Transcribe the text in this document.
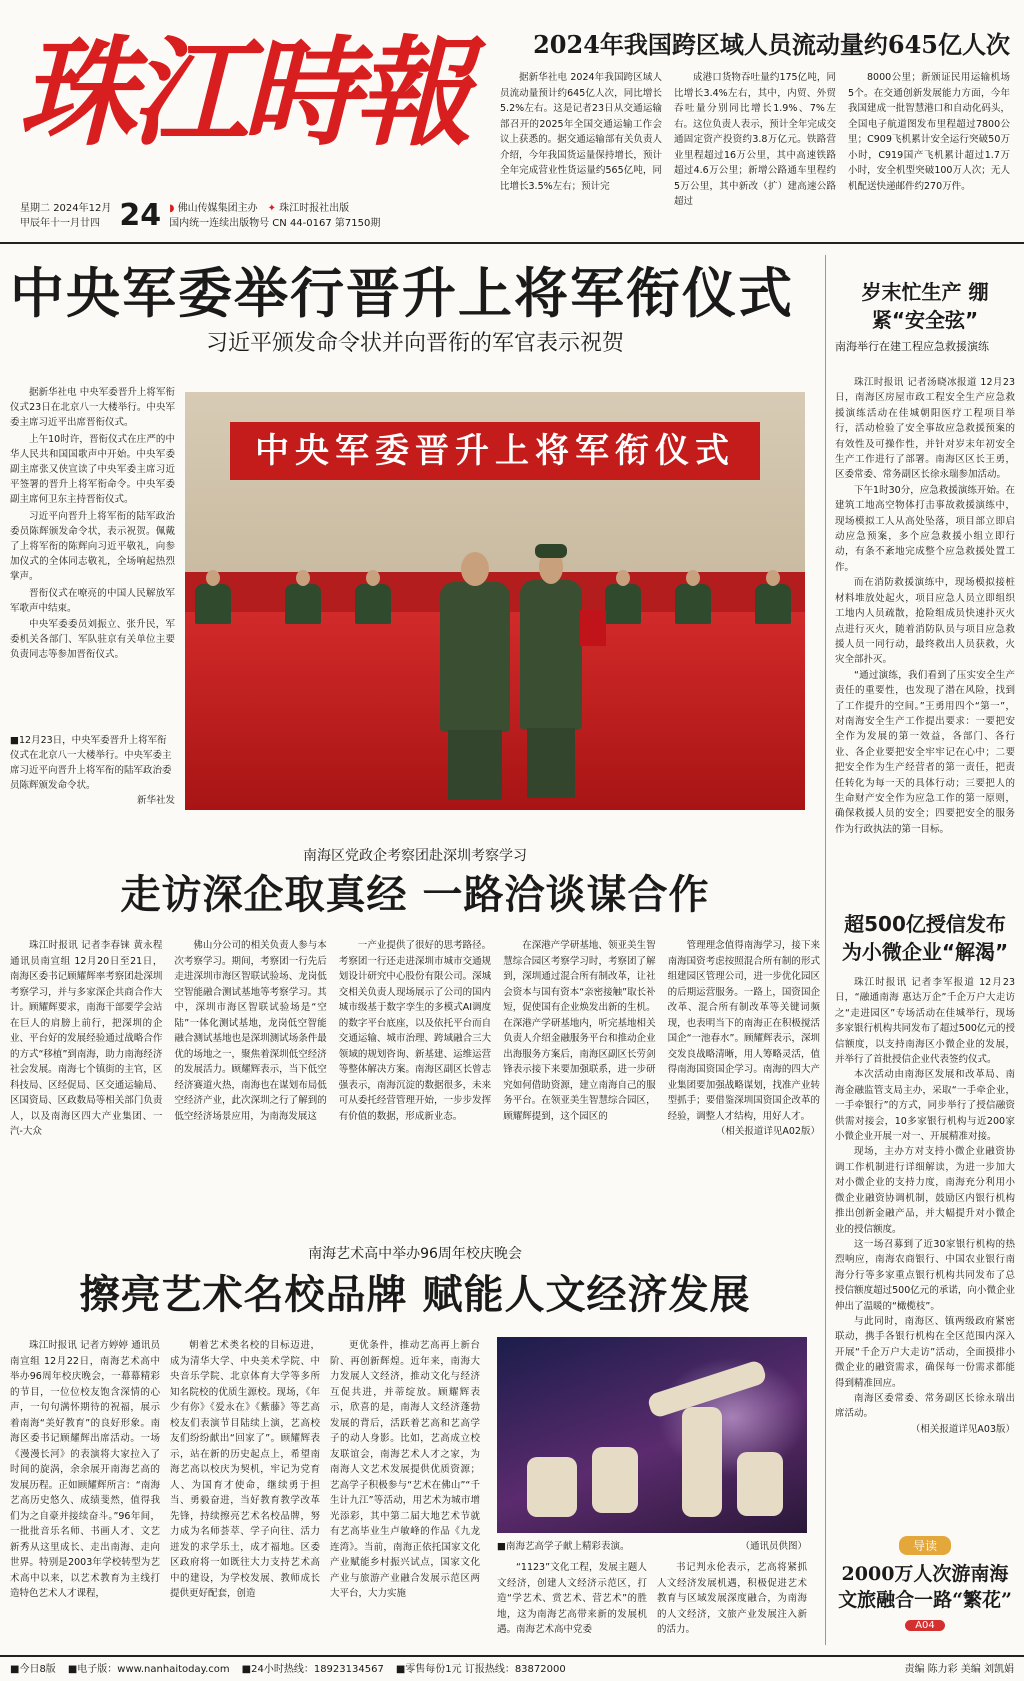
珠江時報
星期二 2024年12月
甲辰年十一月廿四 24 ◗ 佛山传媒集团主办 ✦ 珠江时报社出版
国内统一连续出版物号 CN 44-0167 第7150期
2024年我国跨区域人员流动量约645亿人次

据新华社电 2024年我国跨区域人员流动量预计约645亿人次，同比增长5.2%左右。这是记者23日从交通运输部召开的2025年全国交通运输工作会议上获悉的。据交通运输部有关负责人介绍，今年我国货运量保持增长，预计全年完成营业性货运量约565亿吨，同比增长3.5%左右；预计完

成港口货物吞吐量约175亿吨，同比增长3.4%左右，其中，内贸、外贸吞吐量分别同比增长1.9%、7%左右。这位负责人表示，预计全年完成交通固定资产投资约3.8万亿元。铁路营业里程超过16万公里，其中高速铁路超过4.6万公里；新增公路通车里程约5万公里，其中新改（扩）建高速公路超过

8000公里；新颁证民用运输机场5个。在交通创新发展能力方面，今年我国建成一批智慧港口和自动化码头，全国电子航道图发布里程超过7800公里；C909飞机累计安全运行突破50万小时，C919国产飞机累计超过1.7万小时，安全机型突破100万人次；无人机配送快递邮件约270万件。

中央军委举行晋升上将军衔仪式
习近平颁发命令状并向晋衔的军官表示祝贺

据新华社电 中央军委晋升上将军衔仪式23日在北京八一大楼举行。中央军委主席习近平出席晋衔仪式。

上午10时许，晋衔仪式在庄严的中华人民共和国国歌声中开始。中央军委副主席张又侠宣读了中央军委主席习近平签署的晋升上将军衔命令。中央军委副主席何卫东主持晋衔仪式。

习近平向晋升上将军衔的陆军政治委员陈辉颁发命令状，表示祝贺。佩戴了上将军衔的陈辉向习近平敬礼，向参加仪式的全体同志敬礼，全场响起热烈掌声。

晋衔仪式在嘹亮的中国人民解放军军歌声中结束。

中央军委委员刘振立、张升民，军委机关各部门、军队驻京有关单位主要负责同志等参加晋衔仪式。

中央军委晋升上将军衔仪式

■12月23日，中央军委晋升上将军衔仪式在北京八一大楼举行。中央军委主席习近平向晋升上将军衔的陆军政治委员陈辉颁发命令状。

新华社发

南海区党政企考察团赴深圳考察学习
走访深企取真经 一路洽谈谋合作

珠江时报讯 记者李春铼 黄永程 通讯员南宣组 12月20日至21日，南海区委书记顾耀辉率考察团赴深圳考察学习，并与多家深企共商合作大计。顾耀辉要求，南海干部要学会站在巨人的肩膀上前行，把深圳的企业、平台好的发展经验通过战略合作的方式“移植”到南海，助力南海经济社会发展。南海七个镇街的主官，区科技局、区经促局、区交通运输局、区国资局、区政数局等相关部门负责人，以及南海区四大产业集团、一汽-大众

佛山分公司的相关负责人参与本次考察学习。期间，考察团一行先后走进深圳市海区智联试验场、龙岗低空智能融合测试基地等考察学习。其中，深圳市海区智联试验场是“空陆”一体化测试基地，龙岗低空智能融合测试基地也是深圳测试场条件最优的场地之一，聚焦着深圳低空经济的发展活力。顾耀辉表示，当下低空经济赛道火热，南海也在谋划布局低空经济产业，此次深圳之行了解到的低空经济场景应用，为南海发展这

一产业提供了很好的思考路径。考察团一行还走进深圳市城市交通规划设计研究中心股份有限公司。深城交相关负责人现场展示了公司的国内城市级基于数字孪生的多模式AI调度的数字平台底座，以及依托平台而自交通运输、城市治理、跨域融合三大领域的规划咨询、新基建、运维运营等整体解决方案。南海区副区长曾志强表示，南海沉淀的数据很多，未来可从委托经营管理开始，一步步发挥有价值的数据，形成新业态。

在深港产学研基地、领亚美生智慧综合园区考察学习时，考察团了解到，深圳通过混合所有制改革，让社会资本与国有资本“亲密接触”取长补短，促使国有企业焕发出新的生机。在深港产学研基地内，听完基地相关负责人介绍金融服务平台和推动企业出海服务方案后，南海区副区长劳剑锋表示接下来要加强联系，进一步研究如何借助资源，建立南海自己的服务平台。在领亚美生智慧综合园区，顾耀辉提到，这个园区的

管理理念值得南海学习，接下来南海国资考虑按照混合所有制的形式组建园区管理公司，进一步优化园区的后期运营服务。一路上，国资国企改革、混合所有制改革等关键词频现，也表明当下的南海正在积极搅活国企“一池春水”。顾耀辉表示，深圳交发良战略清晰，用人筹略灵活，值得南海国资国企学习。南海的四大产业集团要加强战略谋划，找准产业转型抓手；要借鉴深圳国资国企改革的经验，调整人才结构，用好人才。

（相关报道详见A02版）

南海艺术高中举办96周年校庆晚会
擦亮艺术名校品牌 赋能人文经济发展

珠江时报讯 记者方婷婷 通讯员南宣组 12月22日，南海艺术高中举办96周年校庆晚会，一幕幕精彩的节目，一位位校友饱含深情的心声，一句句满怀期待的祝福，展示着南海“美好教育”的良好形象。南海区委书记顾耀辉出席活动。一场《漫漫长河》的表演将大家拉入了时间的旋涡，余余展开南海艺高的发展历程。正如顾耀辉所言：“南海艺高历史悠久、成绩斐然，值得我们为之自豪并接续奋斗。”96年间，一批批音乐名师、书画人才、文艺新秀从这里成长、走出南海、走向世界。特别是2003年学校转型为艺术高中以来，以艺术教育为主线打造特色艺术人才课程，

朝着艺术类名校的目标迈进，成为清华大学、中央美术学院、中央音乐学院、北京体育大学等多所知名院校的优质生源校。现场，《年少有你》《爱永在》《紫藤》等艺高校友们表演节目陆续上演，艺高校友们纷纷献出“回家了”。顾耀辉表示，站在新的历史起点上，希望南海艺高以校庆为契机，牢记为党育人、为国育才使命，继续勇于担当、勇毅奋进，当好教育教学改革先锋，持续擦亮艺术名校品牌，努力成为名师荟萃、学子向往、活力迸发的求学乐土，成才福地。区委区政府将一如既往大力支持艺术高中的建设，为学校发展、教师成长提供更好配套，创造

更优条件，推动艺高再上新台阶、再创新辉煌。近年来，南海大力发展人文经济，推动文化与经济互促共进，并蒂绽放。顾耀辉表示，欣喜的是，南海人文经济蓬勃发展的背后，活跃着艺高和艺高学子的动人身影。比如，艺高成立校友联谊会，南海艺术人才之家，为南海人文艺术发展提供优质资源；艺高学子积极参与“艺术在佛山”“千生计九江”等活动，用艺术为城市增光添彩，其中第二届大地艺术节就有艺高毕业生卢敏峰的作品《九龙连湾》。当前，南海正依托国家文化产业赋能乡村振兴试点，国家文化产业与旅游产业融合发展示范区两大平台，大力实施

■南海艺高学子献上精彩表演。	（通讯员供图）

“1123”文化工程，发展主题人文经济，创建人文经济示范区，打造“学艺术、赏艺术、营艺术”的胜地，这为南海艺高带来新的发展机遇。南海艺术高中党委

书记判永伦表示，艺高将紧抓人文经济发展机遇，积极促进艺术教育与区域发展深度融合，为南海的人文经济，文旅产业发展注入新的活力。

岁末忙生产 绷紧“安全弦”
南海举行在建工程应急救援演练

珠江时报讯 记者汤晓冰报道 12月23日，南海区房屋市政工程安全生产应急救援演练活动在佳城朝阳医疗工程项目举行，活动检验了安全事故应急救援预案的有效性及可操作性，并针对岁末年初安全生产工作进行了部署。南海区区长王勇，区委常委、常务副区长徐永瑞参加活动。

下午1时30分，应急救援演练开始。在建筑工地高空物体打击事故救援演练中，现场模拟工人从高处坠落，项目部立即启动应急预案，多个应急救援小组立即行动，有条不紊地完成整个应急救援处置工作。

而在消防救援演练中，现场模拟接桩材料堆放处起火，项目应急人员立即组织工地内人员疏散，抢险组成员快速扑灭火点进行灭火，随着消防队员与项目应急救援人员一同行动，最终救出人员获救，火灾全部扑灭。

“通过演练，我们看到了压实安全生产责任的重要性，也发现了潜在风险，找到了工作提升的空间。”王勇用四个“第一”，对南海安全生产工作提出要求：一要把安全作为发展的第一效益，各部门、各行业、各企业要把安全牢牢记在心中；二要把安全作为生产经营者的第一责任，把责任转化为每一天的具体行动；三要把人的生命财产安全作为应急工作的第一原则，确保救援人员的安全；四要把安全的服务作为行政执法的第一目标。

超500亿授信发布 为小微企业“解渴”

珠江时报讯 记者李军报道 12月23日，“融通南海 惠达万企”千企万户大走访之“走进园区”专场活动在佳城举行，现场多家银行机构共同发布了超过500亿元的授信额度，以支持南海区小微企业的发展，并举行了首批授信企业代表签约仪式。

本次活动由南海区发展和改革局、南海金融监管支局主办，采取“一手牵企业，一手牵银行”的方式，同步举行了授信融资供需对接会，10多家银行机构与近200家小微企业开展一对一、开展精准对接。

现场，主办方对支持小微企业融资协调工作机制进行详细解读，为进一步加大对小微企业的支持力度，南海充分利用小微企业融资协调机制，鼓励区内银行机构推出创新金融产品，并大幅提升对小微企业的授信额度。

这一场召募到了近30家银行机构的热烈响应，南海农商银行、中国农业银行南海分行等多家重点银行机构共同发布了总授信额度超过500亿元的承诺，向小微企业伸出了温暖的“橄榄枝”。

与此同时，南海区、镇两级政府紧密联动，携手各银行机构在全区范围内深入开展“千企万户大走访”活动，全面摸排小微企业的融资需求，确保每一份需求都能得到精准回应。

南海区委常委、常务副区长徐永瑞出席活动。

（相关报道详见A03版）

导读
2000万人次游南海 文旅融合一路“繁花”
A04
■今日8版 ■电子版：www.nanhaitoday.com ■24小时热线：18923134567 ■零售每份1元 订报热线：83872000	责编 陈力彩 美编 刘凯娟
